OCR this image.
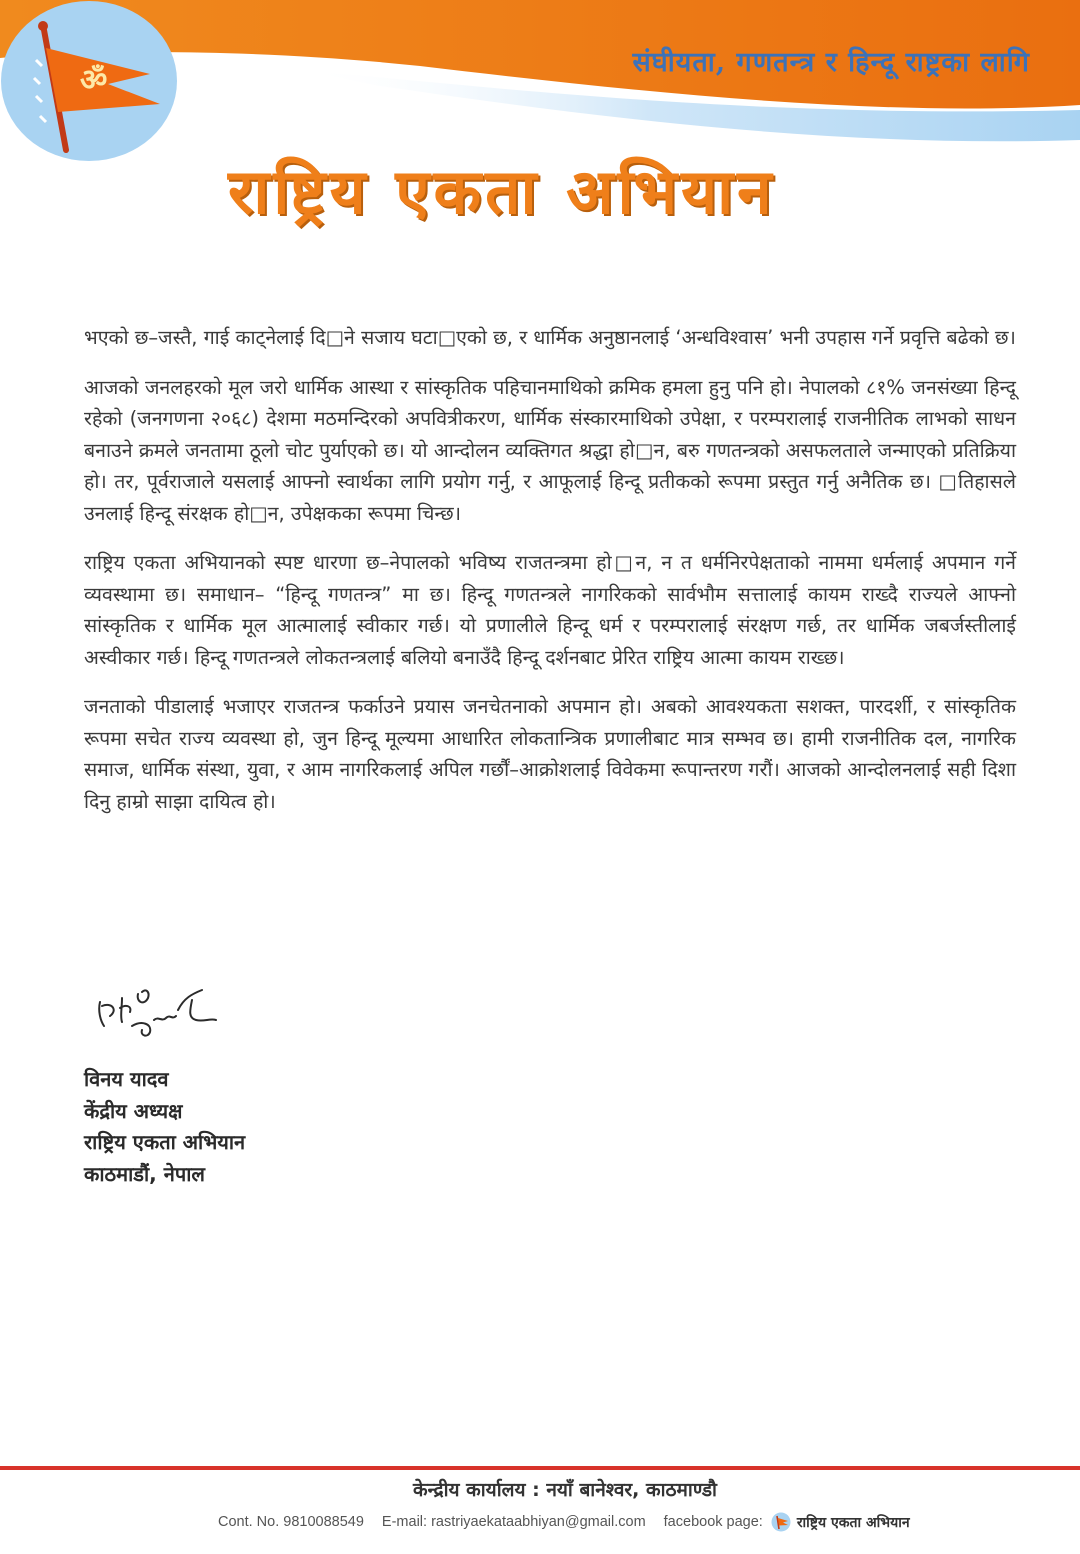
संघीयता, गणतन्त्र र हिन्दू राष्ट्रका लागि
ॐ
राष्ट्रिय एकता अभियान

भएको छ–जस्तै, गाई काट्नेलाई दि□ने सजाय घटा□एको छ, र धार्मिक अनुष्ठानलाई ‘अन्धविश्वास’ भनी उपहास गर्ने प्रवृत्ति बढेको छ।

आजको जनलहरको मूल जरो धार्मिक आस्था र सांस्कृतिक पहिचानमाथिको क्रमिक हमला हुनु पनि हो। नेपालको ८१% जनसंख्या हिन्दू रहेको (जनगणना २०६८) देशमा मठमन्दिरको अपवित्रीकरण, धार्मिक संस्कारमाथिको उपेक्षा, र परम्परालाई राजनीतिक लाभको साधन बनाउने क्रमले जनतामा ठूलो चोट पुर्याएको छ। यो आन्दोलन व्यक्तिगत श्रद्धा हो□न, बरु गणतन्त्रको असफलताले जन्माएको प्रतिक्रिया हो। तर, पूर्वराजाले यसलाई आफ्नो स्वार्थका लागि प्रयोग गर्नु, र आफूलाई हिन्दू प्रतीकको रूपमा प्रस्तुत गर्नु अनैतिक छ। □तिहासले उनलाई हिन्दू संरक्षक हो□न, उपेक्षकका रूपमा चिन्छ।

राष्ट्रिय एकता अभियानको स्पष्ट धारणा छ–नेपालको भविष्य राजतन्त्रमा हो□न, न त धर्मनिरपेक्षताको नाममा धर्मलाई अपमान गर्ने व्यवस्थामा छ। समाधान– “हिन्दू गणतन्त्र” मा छ। हिन्दू गणतन्त्रले नागरिकको सार्वभौम सत्तालाई कायम राख्दै राज्यले आफ्नो सांस्कृतिक र धार्मिक मूल आत्मालाई स्वीकार गर्छ। यो प्रणालीले हिन्दू धर्म र परम्परालाई संरक्षण गर्छ, तर धार्मिक जबर्जस्तीलाई अस्वीकार गर्छ। हिन्दू गणतन्त्रले लोकतन्त्रलाई बलियो बनाउँदै हिन्दू दर्शनबाट प्रेरित राष्ट्रिय आत्मा कायम राख्छ।

जनताको पीडालाई भजाएर राजतन्त्र फर्काउने प्रयास जनचेतनाको अपमान हो। अबको आवश्यकता सशक्त, पारदर्शी, र सांस्कृतिक रूपमा सचेत राज्य व्यवस्था हो, जुन हिन्दू मूल्यमा आधारित लोकतान्त्रिक प्रणालीबाट मात्र सम्भव छ। हामी राजनीतिक दल, नागरिक समाज, धार्मिक संस्था, युवा, र आम नागरिकलाई अपिल गर्छौं–आक्रोशलाई विवेकमा रूपान्तरण गरौं। आजको आन्दोलनलाई सही दिशा दिनु हाम्रो साझा दायित्व हो।

विनय यादव
केंद्रीय अध्यक्ष
राष्ट्रिय एकता अभियान
काठमाडौं, नेपाल
केन्द्रीय कार्यालय : नयाँ बानेश्वर, काठमाण्डौ
Cont. No. 9810088549 E-mail: rastriyaekataabhiyan@gmail.com facebook page: राष्ट्रिय एकता अभियान
